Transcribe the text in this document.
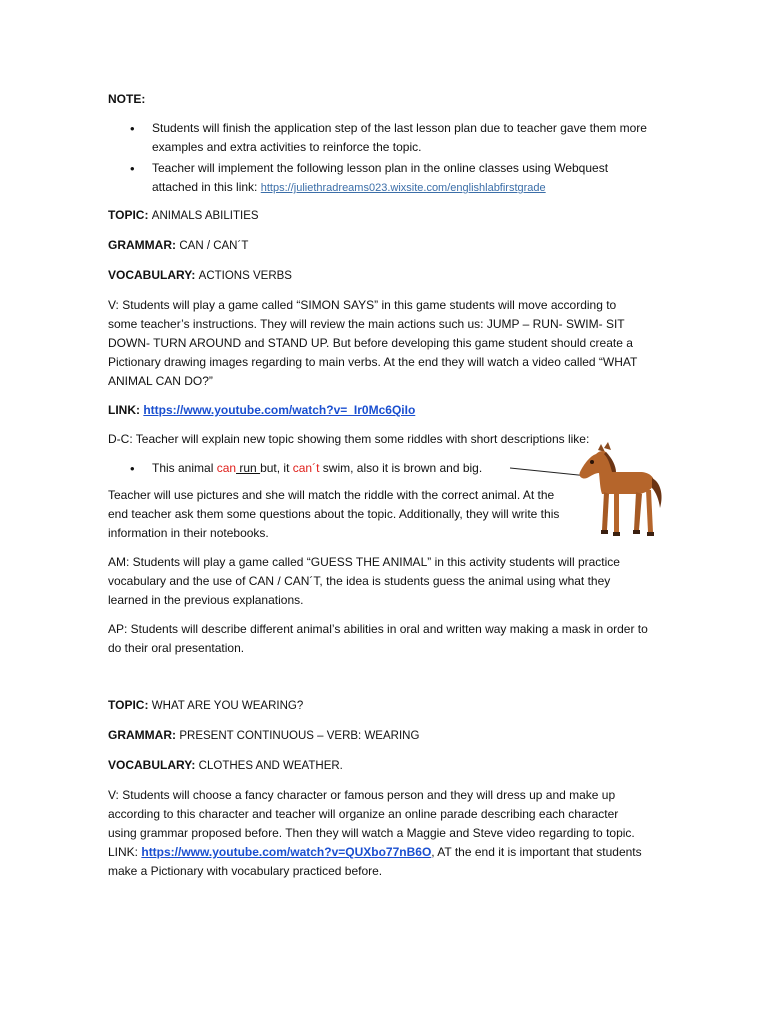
NOTE:

• Students will finish the application step of the last lesson plan due to teacher gave them more examples and extra activities to reinforce the topic.
• Teacher will implement the following lesson plan in the online classes using Webquest attached in this link: https://juliethradreams023.wixsite.com/englishlabfirstgrade

TOPIC: ANIMALS ABILITIES

GRAMMAR: CAN / CAN´T

VOCABULARY: ACTIONS VERBS

V: Students will play a game called “SIMON SAYS” in this game students will move according to some teacher’s instructions. They will review the main actions such us: JUMP – RUN- SWIM- SIT DOWN- TURN AROUND and STAND UP. But before developing this game student should create a Pictionary drawing images regarding to main verbs. At the end they will watch a video called “WHAT ANIMAL CAN DO?”

LINK: https://www.youtube.com/watch?v=_Ir0Mc6QiIo

D-C: Teacher will explain new topic showing them some riddles with short descriptions like:

• This animal can run but, it can´t swim, also it is brown and big.

Teacher will use pictures and she will match the riddle with the correct animal. At the end teacher ask them some questions about the topic. Additionally, they will write this information in their notebooks.

AM: Students will play a game called “GUESS THE ANIMAL” in this activity students will practice vocabulary and the use of CAN / CAN´T, the idea is students guess the animal using what they learned in the previous explanations.

AP: Students will describe different animal’s abilities in oral and written way making a mask in order to do their oral presentation.

TOPIC: WHAT ARE YOU WEARING?

GRAMMAR: PRESENT CONTINUOUS – VERB: WEARING

VOCABULARY: CLOTHES AND WEATHER.

V: Students will choose a fancy character or famous person and they will dress up and make up according to this character and teacher will organize an online parade describing each character using grammar proposed before. Then they will watch a Maggie and Steve video regarding to topic. LINK: https://www.youtube.com/watch?v=QUXbo77nB6O, AT the end it is important that students make a Pictionary with vocabulary practiced before.
